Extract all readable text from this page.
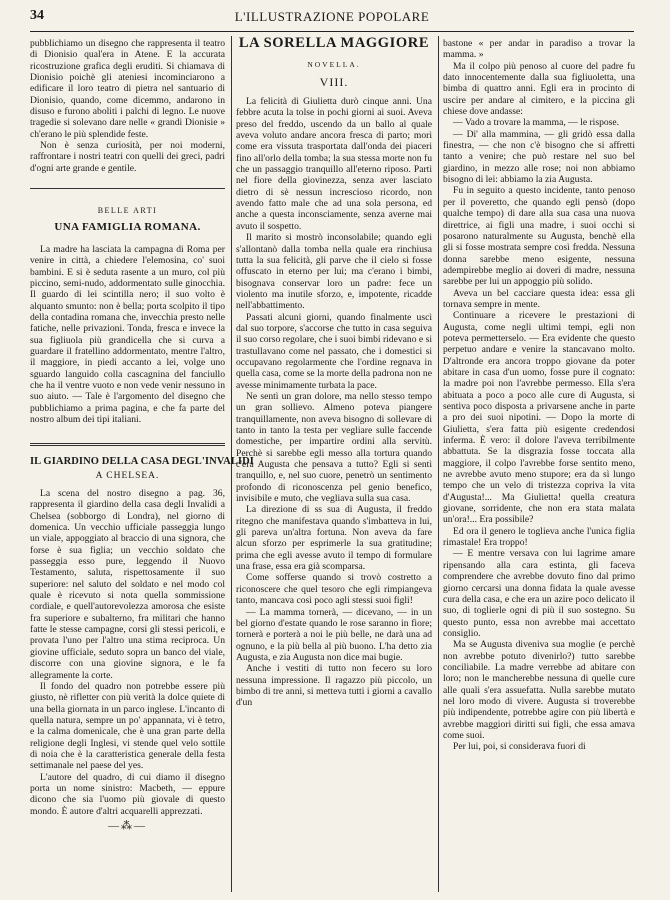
34	L'ILLUSTRAZIONE POPOLARE

pubblichiamo un disegno che rappresenta il teatro di Dionisio qual'era in Atene. E la accurata ricostruzione grafica degli eruditi. Si chiamava di Dionisio poichè gli ateniesi incominciarono a edificare il loro teatro di pietra nel santuario di Dionisio, quando, come dicemmo, andarono in disuso e furono aboliti i palchi di legno. Le nuove tragedie si solevano dare nelle « grandi Dionisie » ch'erano le più splendide feste.

Non è senza curiosità, per noi moderni, raffrontare i nostri teatri con quelli dei greci, padri d'ogni arte grande e gentile.

BELLE ARTI
UNA FAMIGLIA ROMANA.

La madre ha lasciata la campagna di Roma per venire in città, a chiedere l'elemosina, co' suoi bambini. E si è seduta rasente a un muro, col più piccino, semi-nudo, addormentato sulle ginocchia. Il guardo di lei scintilla nero; il suo volto è alquanto smunto: non è bella; porta scolpito il tipo della contadina romana che, invecchia presto nelle fatiche, nelle privazioni. Tonda, fresca e invece la sua figliuola più grandicella che si curva a guardare il fratellino addormentato, mentre l'altro, il maggiore, in piedi accanto a lei, volge uno sguardo languido colla cascagnina del fanciullo che ha il ventre vuoto e non vede venir nessuno in suo aiuto. — Tale è l'argomento del disegno che pubblichiamo a prima pagina, e che fa parte del nostro album dei tipi italiani.

IL GIARDINO DELLA CASA DEGL'INVALIDI
A CHELSEA.

La scena del nostro disegno a pag. 36, rappresenta il giardino della casa degli Invalidi a Chelsea (sobborgo di Londra), nel giorno di domenica. Un vecchio ufficiale passeggia lungo un viale, appoggiato al braccio di una signora, che forse è sua figlia; un vecchio soldato che passeggia esso pure, leggendo il Nuovo Testamento, saluta, rispettosamente il suo superiore: nel saluto del soldato e nel modo col quale è ricevuto si nota quella sommissione cordiale, e quell'autorevolezza amorosa che esiste fra superiore e subalterno, fra militari che hanno fatte le stesse campagne, corsi gli stessi pericoli, e provata l'uno per l'altro una stima reciproca. Un giovine ufficiale, seduto sopra un banco del viale, discorre con una giovine signora, e le fa allegramente la corte.

Il fondo del quadro non potrebbe essere più giusto, nè rifletter con più verità la dolce quiete di una bella giornata in un parco inglese. L'incanto di quella natura, sempre un po' appannata, vi è tetro, e la calma domenicale, che è una gran parte della religione degli Inglesi, vi stende quel velo sottile di noia che è la caratteristica generale della festa settimanale nel paese del yes.

L'autore del quadro, di cui diamo il disegno porta un nome sinistro: Macbeth, — eppure dicono che sia l'uomo più giovale di questo mondo. È autore d'altri acquarelli apprezzati.

—⁂—
LA SORELLA MAGGIORE
NOVELLA.
VIII.

La felicità di Giulietta durò cinque anni. Una febbre acuta la tolse in pochi giorni ai suoi. Aveva preso del freddo, uscendo da un ballo al quale aveva voluto andare ancora fresca di parto; morì come era vissuta trasportata dall'onda dei piaceri fino all'orlo della tomba; la sua stessa morte non fu che un passaggio tranquillo all'eterno riposo. Partì nel fiore della giovinezza, senza aver lasciato dietro di sè nessun increscioso ricordo, non avendo fatto male che ad una sola persona, ed anche a questa inconsciamente, senza averne mai avuto il sospetto.

Il marito si mostrò inconsolabile; quando egli s'allontanò dalla tomba nella quale era rinchiusa tutta la sua felicità, gli parve che il cielo si fosse offuscato in eterno per lui; ma c'erano i bimbi, bisognava conservar loro un padre: fece un violento ma inutile sforzo, e, impotente, ricadde nell'abbattimento.

Passati alcuni giorni, quando finalmente uscì dal suo torpore, s'accorse che tutto in casa seguiva il suo corso regolare, che i suoi bimbi ridevano e si trastullavano come nel passato, che i domestici si occupavano regolarmente che l'ordine regnava in quella casa, come se la morte della padrona non ne avesse minimamente turbata la pace.

Ne sentì un gran dolore, ma nello stesso tempo un gran sollievo. Almeno poteva piangere tranquillamente, non aveva bisogno di sollevare di tanto in tanto la testa per vegliare sulle faccende domestiche, per impartire ordini alla servitù. Perchè si sarebbe egli messo alla tortura quando c'era Augusta che pensava a tutto? Egli si sentì tranquillo, e, nel suo cuore, penetrò un sentimento profondo di riconoscenza pel genio benefico, invisibile e muto, che vegliava sulla sua casa.

La direzione di ss sua di Augusta, il freddo ritegno che manifestava quando s'imbatteva in lui, gli pareva un'altra fortuna. Non aveva da fare alcun sforzo per esprimerle la sua gratitudine; prima che egli avesse avuto il tempo di formulare una frase, essa era già scomparsa.

Come sofferse quando si trovò costretto a riconoscere che quel tesoro che egli rimpiangeva tanto, mancava così poco agli stessi suoi figli!

— La mamma tornerà, — dicevano, — in un bel giorno d'estate quando le rose saranno in fiore; tornerà e porterà a noi le più belle, ne darà una ad ognuno, e la più bella al più buono. L'ha detto zia Augusta, e zia Augusta non dice mai bugie.

Anche i vestiti di tutto non fecero su loro nessuna impressione. Il ragazzo più piccolo, un bimbo di tre anni, si metteva tutti i giorni a cavallo d'un

bastone « per andar in paradiso a trovar la mamma. »

Ma il colpo più penoso al cuore del padre fu dato innocentemente dalla sua figliuoletta, una bimba di quattro anni. Egli era in procinto di uscire per andare al cimitero, e la piccina gli chiese dove andasse:

— Vado a trovare la mamma, — le rispose.

— Di' alla mammina, — gli gridò essa dalla finestra, — che non c'è bisogno che si affretti tanto a venire; che può restare nel suo bel giardino, in mezzo alle rose; noi non abbiamo bisogno di lei: abbiamo la zia Augusta.

Fu in seguito a questo incidente, tanto penoso per il poveretto, che quando egli pensò (dopo qualche tempo) di dare alla sua casa una nuova direttrice, ai figli una madre, i suoi occhi si posarono naturalmente su Augusta, benchè ella gli si fosse mostrata sempre così fredda. Nessuna donna sarebbe meno esigente, nessuna adempirebbe meglio ai doveri di madre, nessuna sarebbe per lui un appoggio più solido.

Aveva un bel cacciare questa idea: essa gli tornava sempre in mente.

Continuare a ricevere le prestazioni di Augusta, come negli ultimi tempi, egli non poteva permetterselo. — Era evidente che questo perpetuo andare e venire la stancavano molto. D'altronde era ancora troppo giovane da poter abitare in casa d'un uomo, fosse pure il cognato: la madre poi non l'avrebbe permesso. Ella s'era abituata a poco a poco alle cure di Augusta, si sentiva poco disposta a privarsene anche in parte a pro dei suoi nipotini. — Dopo la morte di Giulietta, s'era fatta più esigente credendosi inferma. È vero: il dolore l'aveva terribilmente abbattuta. Se la disgrazia fosse toccata alla maggiore, il colpo l'avrebbe forse sentito meno, ne avrebbe avuto meno stupore; era da sì lungo tempo che un velo di tristezza copriva la vita d'Augusta!... Ma Giulietta! quella creatura giovane, sorridente, che non era stata malata un'ora!... Era possibile?

Ed ora il genero le toglieva anche l'unica figlia rimastale! Era troppo!

— E mentre versava con lui lagrime amare ripensando alla cara estinta, gli faceva comprendere che avrebbe dovuto fino dal primo giorno cercarsi una donna fidata la quale avesse cura della casa, e che era un azire poco delicato il suo, di toglierle ogni di più il suo sostegno. Su questo punto, essa non avrebbe mai accettato consiglio.

Ma se Augusta diveniva sua moglie (e perchè non avrebbe potuto divenirlo?) tutto sarebbe conciliabile. La madre verrebbe ad abitare con loro; non le mancherebbe nessuna di quelle cure alle quali s'era assuefatta. Nulla sarebbe mutato nel loro modo di vivere. Augusta si troverebbe più indipendente, potrebbe agire con più libertà e avrebbe maggiori diritti sui figli, che essa amava come suoi.

Per lui, poi, si considerava fuori di
